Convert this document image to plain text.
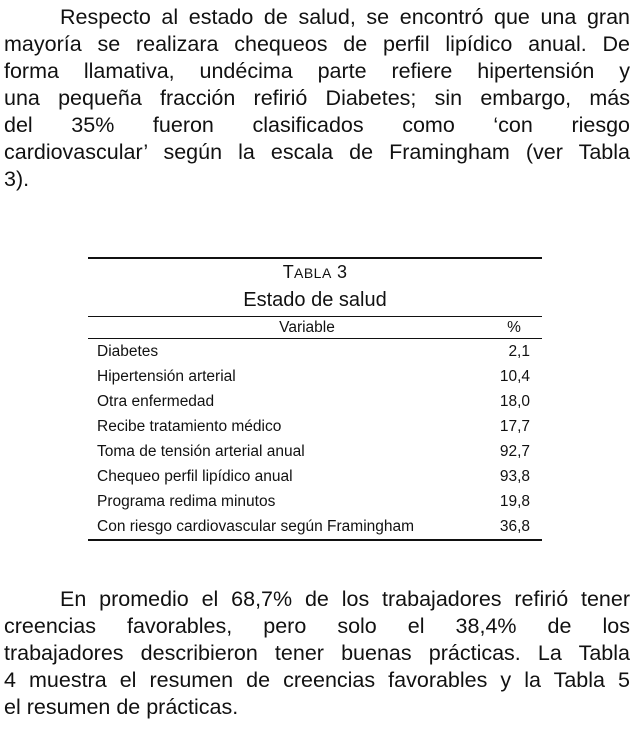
Respecto al estado de salud, se encontró que una gran
mayoría se realizara chequeos de perfil lipídico anual. De
forma llamativa, undécima parte refiere hipertensión y
una pequeña fracción refirió Diabetes; sin embargo, más
del 35% fueron clasificados como ‘con riesgo
cardiovascular’ según la escala de Framingham (ver Tabla
3).
TABLA 3
Estado de salud
Variable	%
Diabetes	2,1
Hipertensión arterial	10,4
Otra enfermedad	18,0
Recibe tratamiento médico	17,7
Toma de tensión arterial anual	92,7
Chequeo perfil lipídico anual	93,8
Programa redima minutos	19,8
Con riesgo cardiovascular según Framingham	36,8
En promedio el 68,7% de los trabajadores refirió tener
creencias favorables, pero solo el 38,4% de los
trabajadores describieron tener buenas prácticas. La Tabla
4 muestra el resumen de creencias favorables y la Tabla 5
el resumen de prácticas.
